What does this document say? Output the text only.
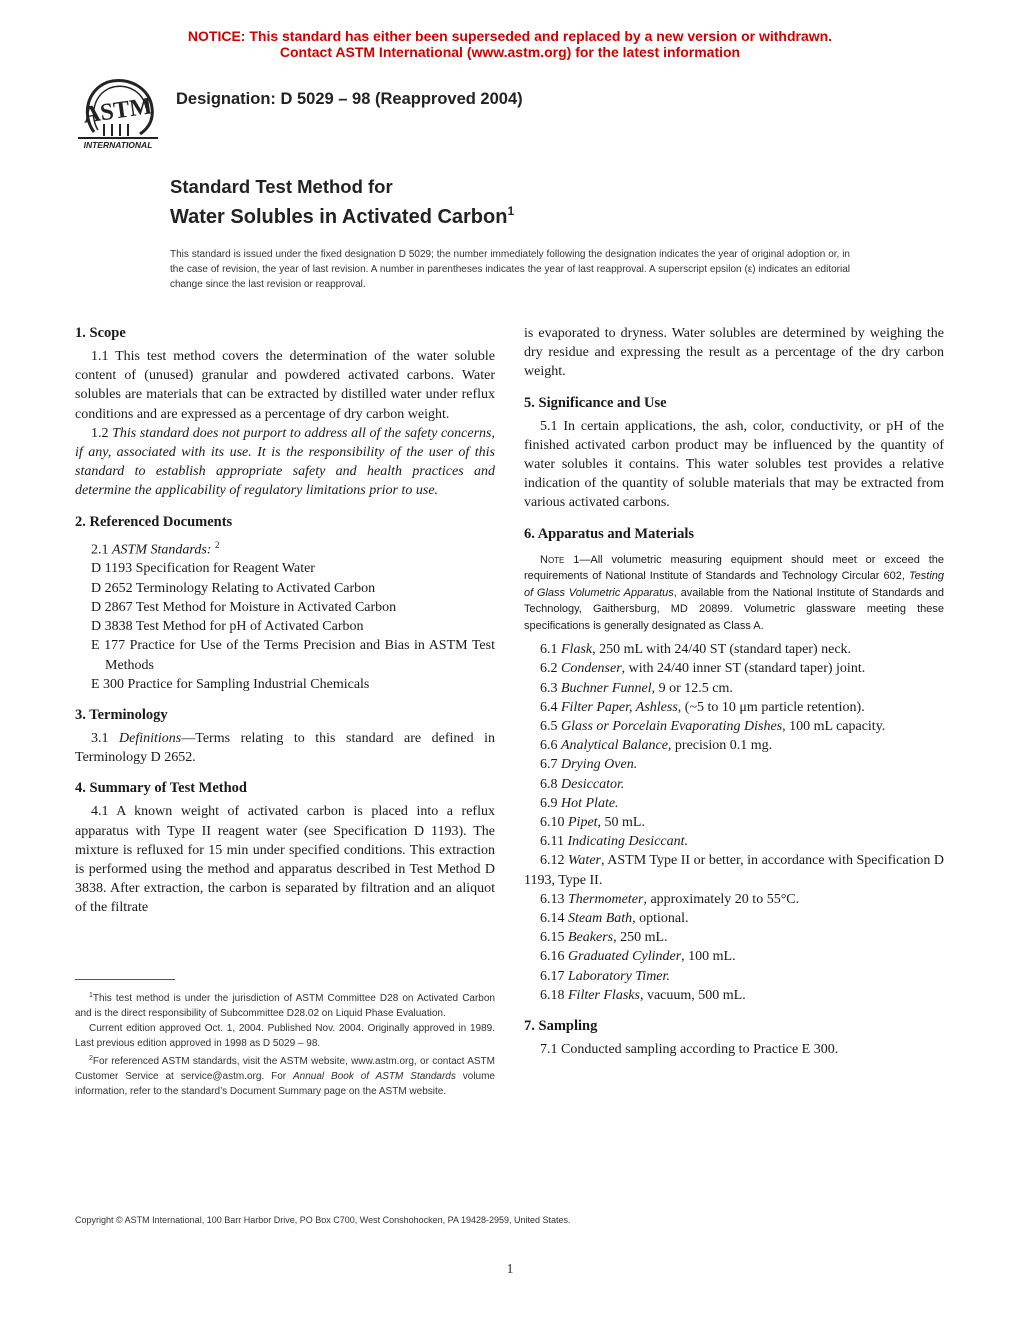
NOTICE: This standard has either been superseded and replaced by a new version or withdrawn.
Contact ASTM International (www.astm.org) for the latest information
ASTM
INTERNATIONAL
Designation: D 5029 – 98 (Reapproved 2004)
Standard Test Method for
Water Solubles in Activated Carbon$^1$

This standard is issued under the fixed designation D 5029; the number immediately following the designation indicates the year of original adoption or, in the case of revision, the year of last revision. A number in parentheses indicates the year of last reapproval. A superscript epsilon (ε) indicates an editorial change since the last revision or reapproval.

1. Scope

1.1 This test method covers the determination of the water soluble content of (unused) granular and powdered activated carbons. Water solubles are materials that can be extracted by distilled water under reflux conditions and are expressed as a percentage of dry carbon weight.

1.2 This standard does not purport to address all of the safety concerns, if any, associated with its use. It is the responsibility of the user of this standard to establish appropriate safety and health practices and determine the applicability of regulatory limitations prior to use.

2. Referenced Documents

2.1 ASTM Standards: $^2$

D 1193 Specification for Reagent Water

D 2652 Terminology Relating to Activated Carbon

D 2867 Test Method for Moisture in Activated Carbon

D 3838 Test Method for pH of Activated Carbon

E 177 Practice for Use of the Terms Precision and Bias in ASTM Test Methods

E 300 Practice for Sampling Industrial Chemicals

3. Terminology

3.1 Definitions—Terms relating to this standard are defined in Terminology D 2652.

4. Summary of Test Method

4.1 A known weight of activated carbon is placed into a reflux apparatus with Type II reagent water (see Specification D 1193). The mixture is refluxed for 15 min under specified conditions. This extraction is performed using the method and apparatus described in Test Method D 3838. After extraction, the carbon is separated by filtration and an aliquot of the filtrate

is evaporated to dryness. Water solubles are determined by weighing the dry residue and expressing the result as a percentage of the dry carbon weight.

5. Significance and Use

5.1 In certain applications, the ash, color, conductivity, or pH of the finished activated carbon product may be influenced by the quantity of water solubles it contains. This water solubles test provides a relative indication of the quantity of soluble materials that may be extracted from various activated carbons.

6. Apparatus and Materials

Note 1—All volumetric measuring equipment should meet or exceed the requirements of National Institute of Standards and Technology Circular 602, Testing of Glass Volumetric Apparatus, available from the National Institute of Standards and Technology, Gaithersburg, MD 20899. Volumetric glassware meeting these specifications is generally designated as Class A.

6.1 Flask, 250 mL with 24/40 ST (standard taper) neck.

6.2 Condenser, with 24/40 inner ST (standard taper) joint.

6.3 Buchner Funnel, 9 or 12.5 cm.

6.4 Filter Paper, Ashless, (~5 to 10 μm particle retention).

6.5 Glass or Porcelain Evaporating Dishes, 100 mL capacity.

6.6 Analytical Balance, precision 0.1 mg.

6.7 Drying Oven.

6.8 Desiccator.

6.9 Hot Plate.

6.10 Pipet, 50 mL.

6.11 Indicating Desiccant.

6.12 Water, ASTM Type II or better, in accordance with Specification D 1193, Type II.

6.13 Thermometer, approximately 20 to 55°C.

6.14 Steam Bath, optional.

6.15 Beakers, 250 mL.

6.16 Graduated Cylinder, 100 mL.

6.17 Laboratory Timer.

6.18 Filter Flasks, vacuum, 500 mL.

7. Sampling

7.1 Conducted sampling according to Practice E 300.

$^1$This test method is under the jurisdiction of ASTM Committee D28 on Activated Carbon and is the direct responsibility of Subcommittee D28.02 on Liquid Phase Evaluation.

Current edition approved Oct. 1, 2004. Published Nov. 2004. Originally approved in 1989. Last previous edition approved in 1998 as D 5029 – 98.

$^2$For referenced ASTM standards, visit the ASTM website, www.astm.org, or contact ASTM Customer Service at service@astm.org. For Annual Book of ASTM Standards volume information, refer to the standard’s Document Summary page on the ASTM website.

Copyright © ASTM International, 100 Barr Harbor Drive, PO Box C700, West Conshohocken, PA 19428-2959, United States.
1
